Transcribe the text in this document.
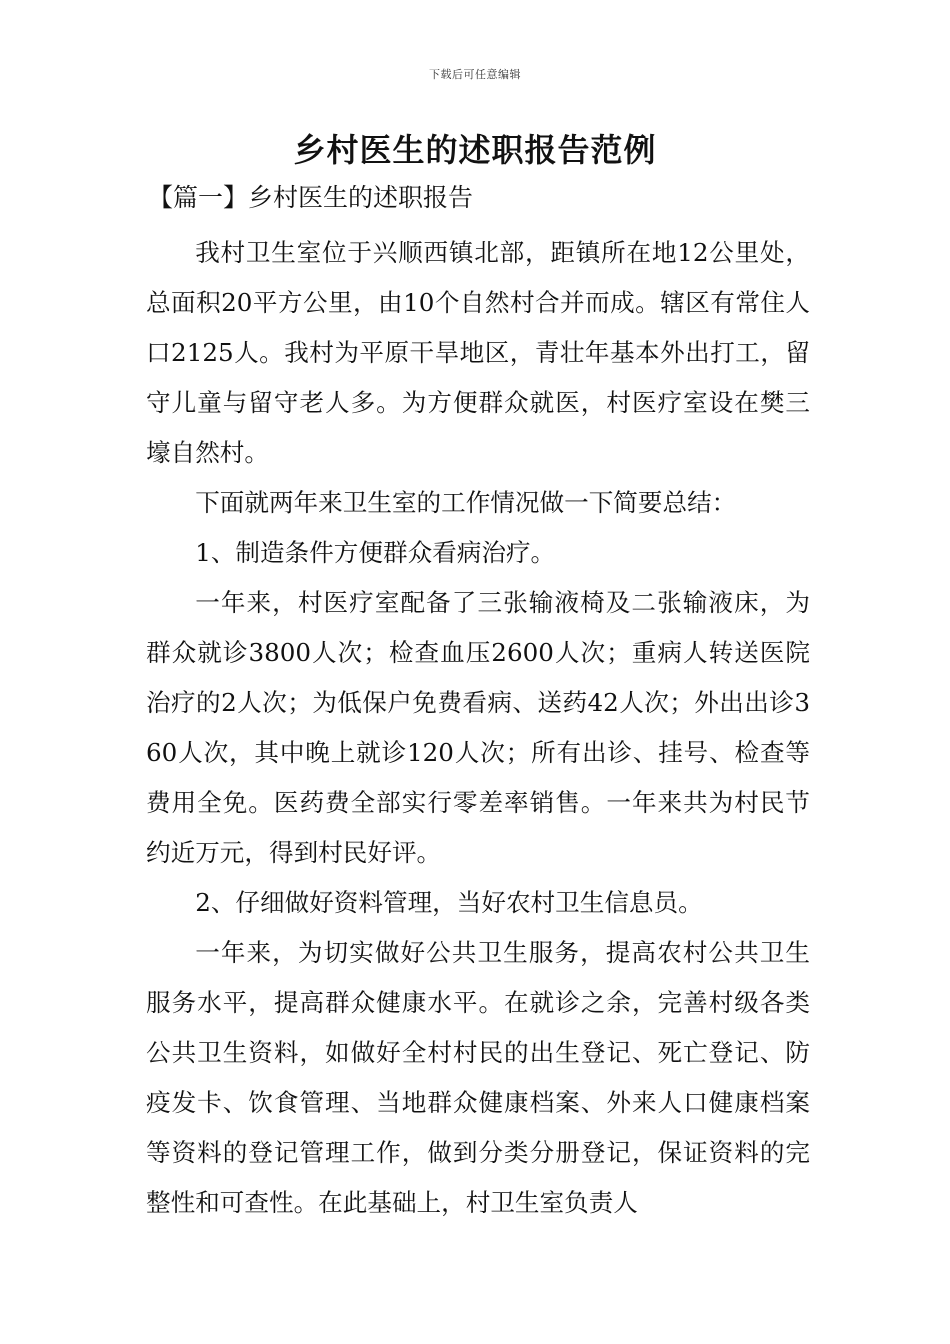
下载后可任意编辑
乡村医生的述职报告范例
【篇一】乡村医生的述职报告

我村卫生室位于兴顺西镇北部，距镇所在地12公里处，总面积20平方公里，由10个自然村合并而成。辖区有常住人口2125人。我村为平原干旱地区，青壮年基本外出打工，留守儿童与留守老人多。为方便群众就医，村医疗室设在樊三壕自然村。

下面就两年来卫生室的工作情况做一下简要总结：

1、制造条件方便群众看病治疗。

一年来，村医疗室配备了三张输液椅及二张输液床，为群众就诊3800人次；检查血压2600人次；重病人转送医院治疗的2人次；为低保户免费看病、送药42人次；外出出诊360人次，其中晚上就诊120人次；所有出诊、挂号、检查等费用全免。医药费全部实行零差率销售。一年来共为村民节约近万元，得到村民好评。

2、仔细做好资料管理，当好农村卫生信息员。

一年来，为切实做好公共卫生服务，提高农村公共卫生服务水平，提高群众健康水平。在就诊之余，完善村级各类公共卫生资料，如做好全村村民的出生登记、死亡登记、防疫发卡、饮食管理、当地群众健康档案、外来人口健康档案等资料的登记管理工作，做到分类分册登记，保证资料的完整性和可查性。在此基础上，村卫生室负责人
